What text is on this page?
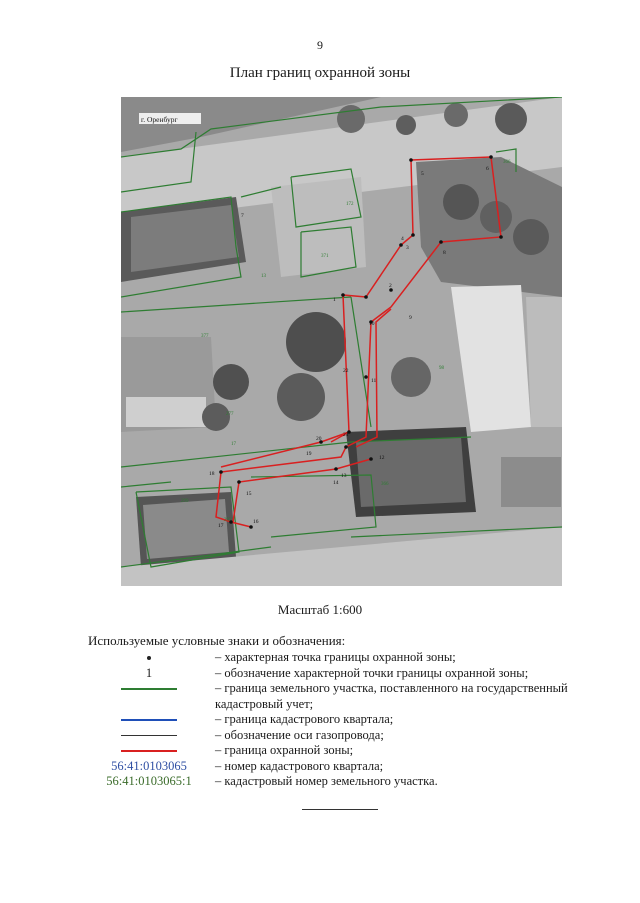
9
План границ охранной зоны
5
6
4
3
8
2
1
9
10
11
22
21
20
19
12
13
14
18
15
17
16
7
172
371
13
377
98
366
366
277
17
299
297
г. Оренбург
Масштаб 1:600
Используемые условные знаки и обозначения:
– характерная точка границы охранной зоны;
1	– обозначение характерной точки границы охранной зоны;
– граница земельного участка, поставленного на государственный кадастровый учет;
– граница кадастрового квартала;
– обозначение оси газопровода;
– граница охранной зоны;
56:41:0103065	– номер кадастрового квартала;
56:41:0103065:1	– кадастровый номер земельного участка.
